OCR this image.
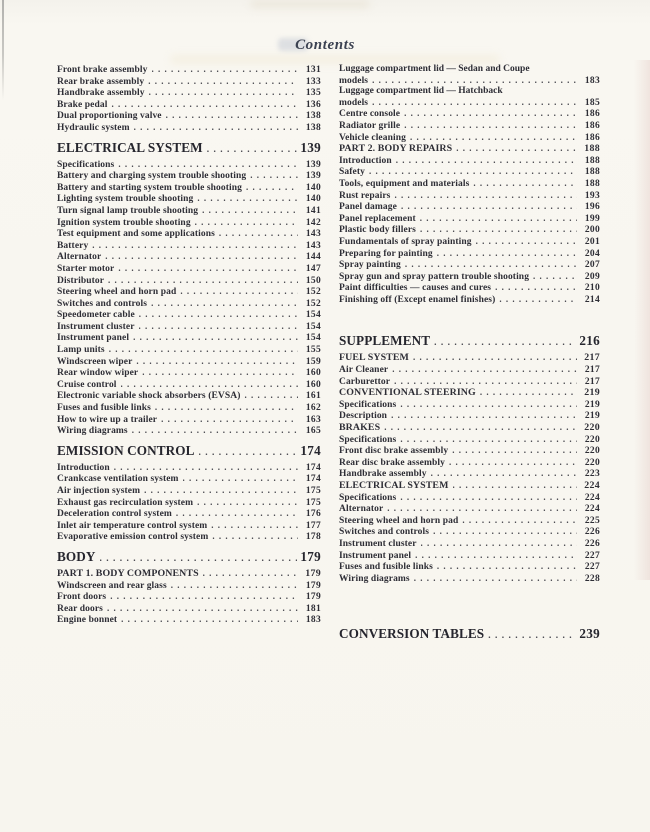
Contents
Front brake assembly . . .	131
Rear brake assembly . . .	133
Handbrake assembly . . .	135
Brake pedal . . .	136
Dual proportioning valve . . .	138
Hydraulic system . . .	138
ELECTRICAL SYSTEM . . .	139
Specifications . . .	139
Battery and charging system trouble shooting . . .	139
Battery and starting system trouble shooting . . .	140
Lighting system trouble shooting . . .	140
Turn signal lamp trouble shooting . . .	141
Ignition system trouble shooting . . .	142
Test equipment and some applications . . .	143
Battery . . .	143
Alternator . . .	144
Starter motor . . .	147
Distributor . . .	150
Steering wheel and horn pad . . .	152
Switches and controls . . .	152
Speedometer cable . . .	154
Instrument cluster . . .	154
Instrument panel . . .	154
Lamp units . . .	155
Windscreen wiper . . .	159
Rear window wiper . . .	160
Cruise control . . .	160
Electronic variable shock absorbers (EVSA) . . .	161
Fuses and fusible links . . .	162
How to wire up a trailer . . .	163
Wiring diagrams . . .	165
EMISSION CONTROL . . .	174
Introduction . . .	174
Crankcase ventilation system . . .	174
Air injection system . . .	175
Exhaust gas recirculation system . . .	175
Deceleration control system . . .	176
Inlet air temperature control system . . .	177
Evaporative emission control system . . .	178
BODY . . .	179
PART 1. BODY COMPONENTS . . .	179
Windscreen and rear glass . . .	179
Front doors . . .	179
Rear doors . . .	181
Engine bonnet . . .	183
Luggage compartment lid — Sedan and Coupe
models . . .	183
Luggage compartment lid — Hatchback
models . . .	185
Centre console . . .	186
Radiator grille . . .	186
Vehicle cleaning . . .	186
PART 2. BODY REPAIRS . . .	188
Introduction . . .	188
Safety . . .	188
Tools, equipment and materials . . .	188
Rust repairs . . .	193
Panel damage . . .	196
Panel replacement . . .	199
Plastic body fillers . . .	200
Fundamentals of spray painting . . .	201
Preparing for painting . . .	204
Spray painting . . .	207
Spray gun and spray pattern trouble shooting . . .	209
Paint difficulties — causes and cures . . .	210
Finishing off (Except enamel finishes) . . .	214
SUPPLEMENT . . .	216
FUEL SYSTEM . . .	217
Air Cleaner . . .	217
Carburettor . . .	217
CONVENTIONAL STEERING . . .	219
Specifications . . .	219
Description . . .	219
BRAKES . . .	220
Specifications . . .	220
Front disc brake assembly . . .	220
Rear disc brake assembly . . .	220
Handbrake assembly . . .	223
ELECTRICAL SYSTEM . . .	224
Specifications . . .	224
Alternator . . .	224
Steering wheel and horn pad . . .	225
Switches and controls . . .	226
Instrument cluster . . .	226
Instrument panel . . .	227
Fuses and fusible links . . .	227
Wiring diagrams . . .	228
CONVERSION TABLES . . .	239
